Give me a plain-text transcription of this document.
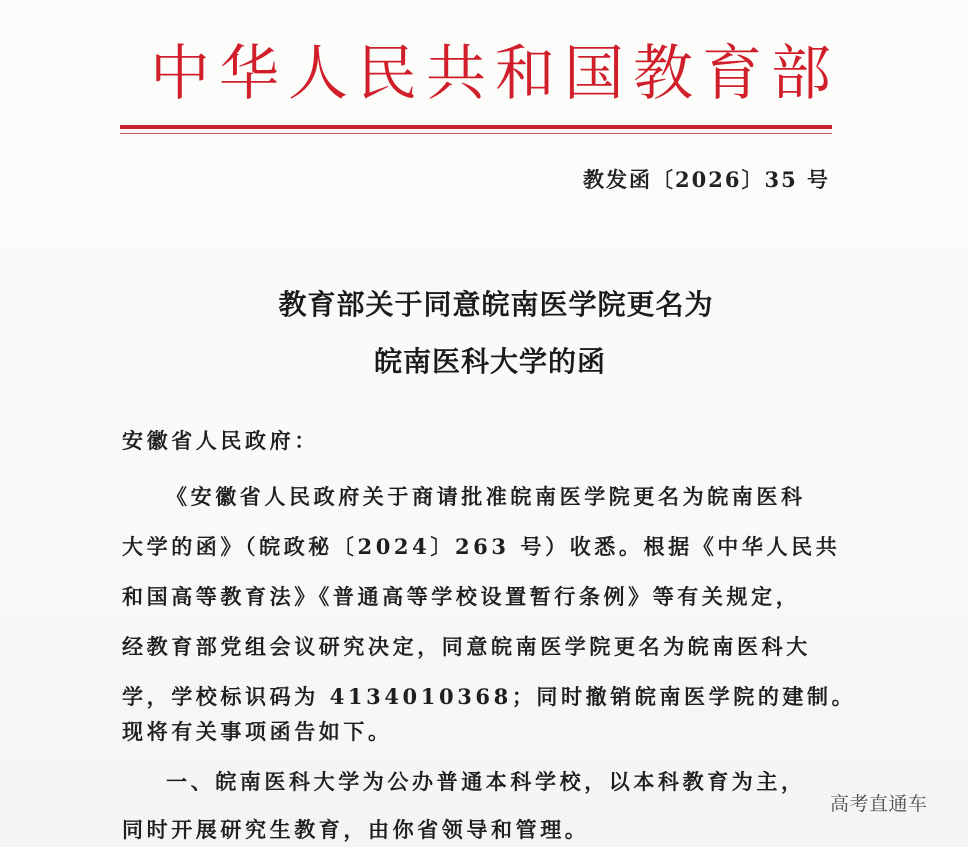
中华人民共和国教育部
教发函〔2026〕35 号
教育部关于同意皖南医学院更名为
皖南医科大学的函
安徽省人民政府：
《安徽省人民政府关于商请批准皖南医学院更名为皖南医科
大学的函》（皖政秘〔2024〕263 号）收悉。根据《中华人民共
和国高等教育法》《普通高等学校设置暂行条例》等有关规定，
经教育部党组会议研究决定，同意皖南医学院更名为皖南医科大
学，学校标识码为 4134010368；同时撤销皖南医学院的建制。
现将有关事项函告如下。
一、皖南医科大学为公办普通本科学校，以本科教育为主，
同时开展研究生教育，由你省领导和管理。
高考直通车
